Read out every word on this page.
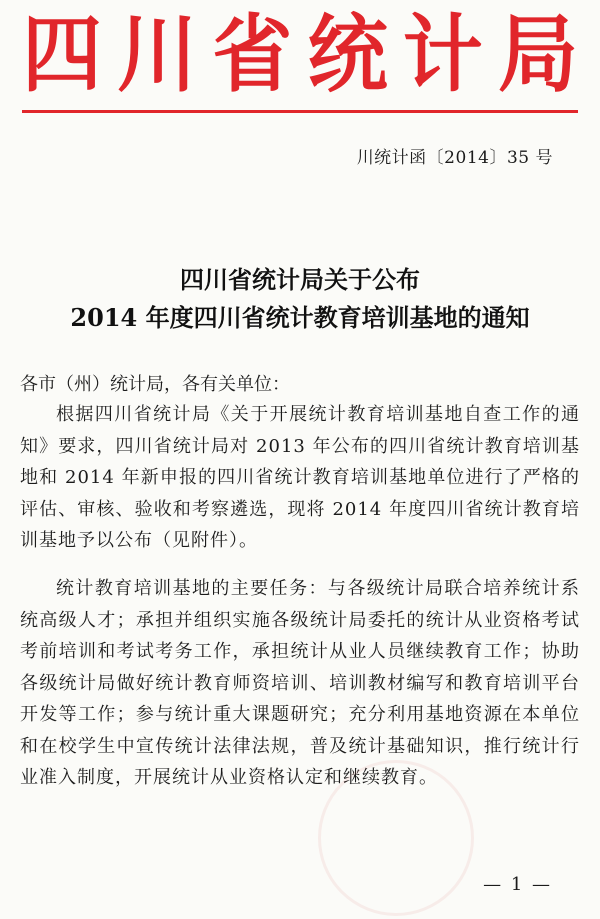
四 川 省 统 计 局
川统计函〔2014〕35 号
四川省统计局关于公布
2014 年度四川省统计教育培训基地的通知
各市（州）统计局，各有关单位：
根据四川省统计局《关于开展统计教育培训基地自查工作的通知》要求，四川省统计局对 2013 年公布的四川省统计教育培训基地和 2014 年新申报的四川省统计教育培训基地单位进行了严格的评估、审核、验收和考察遴选，现将 2014 年度四川省统计教育培训基地予以公布（见附件）。
统计教育培训基地的主要任务：与各级统计局联合培养统计系统高级人才；承担并组织实施各级统计局委托的统计从业资格考试考前培训和考试考务工作，承担统计从业人员继续教育工作；协助各级统计局做好统计教育师资培训、培训教材编写和教育培训平台开发等工作；参与统计重大课题研究；充分利用基地资源在本单位和在校学生中宣传统计法律法规，普及统计基础知识，推行统计行业准入制度，开展统计从业资格认定和继续教育。
— 1 —
